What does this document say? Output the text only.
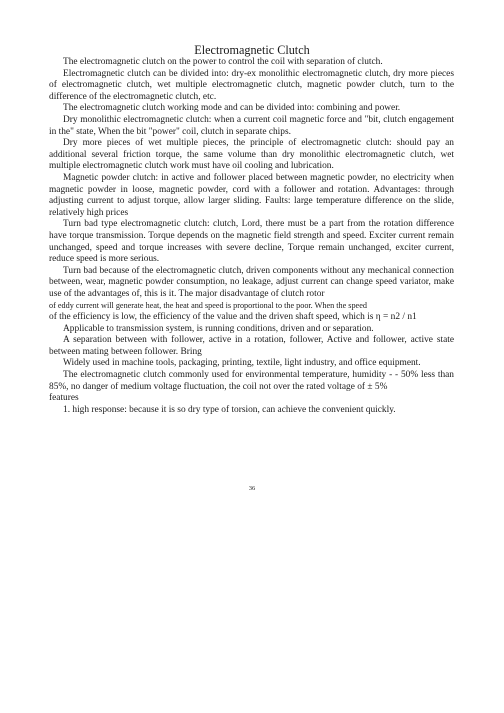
Electromagnetic Clutch

The electromagnetic clutch on the power to control the coil with separation of clutch.

Electromagnetic clutch can be divided into: dry-ex monolithic electromagnetic clutch, dry more pieces of electromagnetic clutch, wet multiple electromagnetic clutch, magnetic powder clutch, turn to the difference of the electromagnetic clutch, etc.

The electromagnetic clutch working mode and can be divided into: combining and power.

Dry monolithic electromagnetic clutch: when a current coil magnetic force and "bit, clutch engagement in the" state, When the bit "power" coil, clutch in separate chips.

Dry more pieces of wet multiple pieces, the principle of electromagnetic clutch: should pay an additional several friction torque, the same volume than dry monolithic electromagnetic clutch, wet multiple electromagnetic clutch work must have oil cooling and lubrication.

Magnetic powder clutch: in active and follower placed between magnetic powder, no electricity when magnetic powder in loose, magnetic powder, cord with a follower and rotation. Advantages: through adjusting current to adjust torque, allow larger sliding. Faults: large temperature difference on the slide, relatively high prices

Turn bad type electromagnetic clutch: clutch, Lord, there must be a part from the rotation difference have torque transmission. Torque depends on the magnetic field strength and speed. Exciter current remain unchanged, speed and torque increases with severe decline, Torque remain unchanged, exciter current, reduce speed is more serious.

Turn bad because of the electromagnetic clutch, driven components without any mechanical connection between, wear, magnetic powder consumption, no leakage, adjust current can change speed variator, make use of the advantages of, this is it. The major disadvantage of clutch rotor

of eddy current will generate heat, the heat and speed is proportional to the poor. When the speed

of the efficiency is low, the efficiency of the value and the driven shaft speed, which is η = n2 / n1

Applicable to transmission system, is running conditions, driven and or separation.

A separation between with follower, active in a rotation, follower, Active and follower, active state between mating between follower. Bring

Widely used in machine tools, packaging, printing, textile, light industry, and office equipment.

The electromagnetic clutch commonly used for environmental temperature, humidity - - 50% less than 85%, no danger of medium voltage fluctuation, the coil not over the rated voltage of ± 5%

features

1. high response: because it is so dry type of torsion, can achieve the convenient quickly.

36
